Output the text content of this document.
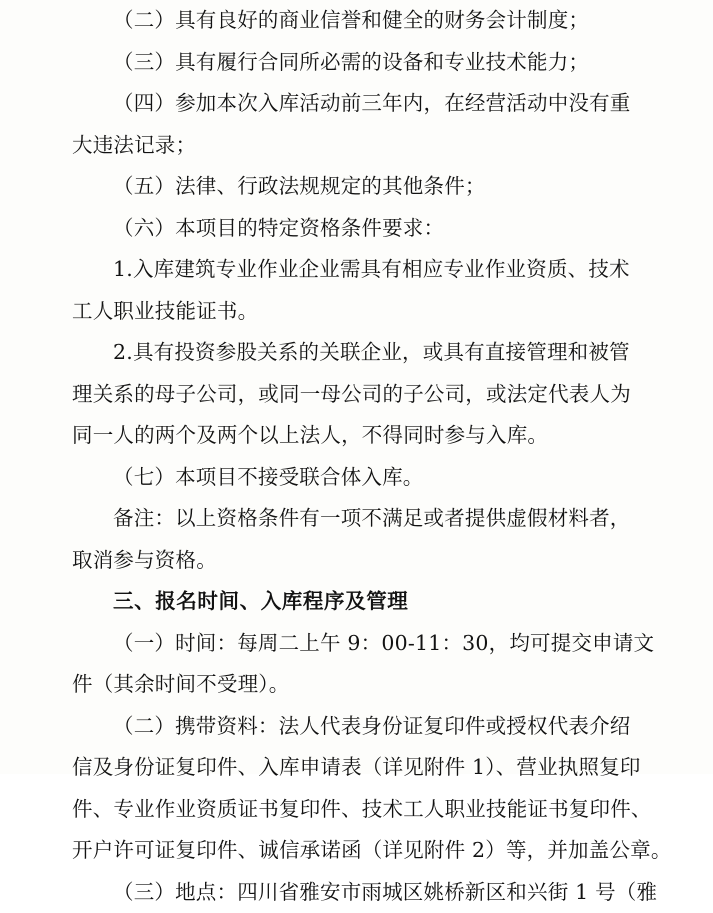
（二）具有良好的商业信誉和健全的财务会计制度；
（三）具有履行合同所必需的设备和专业技术能力；
（四）参加本次入库活动前三年内，在经营活动中没有重
大违法记录；
（五）法律、行政法规规定的其他条件；
（六）本项目的特定资格条件要求：
1.入库建筑专业作业企业需具有相应专业作业资质、技术
工人职业技能证书。
2.具有投资参股关系的关联企业，或具有直接管理和被管
理关系的母子公司，或同一母公司的子公司，或法定代表人为
同一人的两个及两个以上法人，不得同时参与入库。
（七）本项目不接受联合体入库。
备注：以上资格条件有一项不满足或者提供虚假材料者，
取消参与资格。
三、报名时间、入库程序及管理
（一）时间：每周二上午 9：00-11：30，均可提交申请文
件（其余时间不受理）。
（二）携带资料：法人代表身份证复印件或授权代表介绍
信及身份证复印件、入库申请表（详见附件 1）、营业执照复印
件、专业作业资质证书复印件、技术工人职业技能证书复印件、
开户许可证复印件、诚信承诺函（详见附件 2）等，并加盖公章。
（三）地点：四川省雅安市雨城区姚桥新区和兴街 1 号（雅
